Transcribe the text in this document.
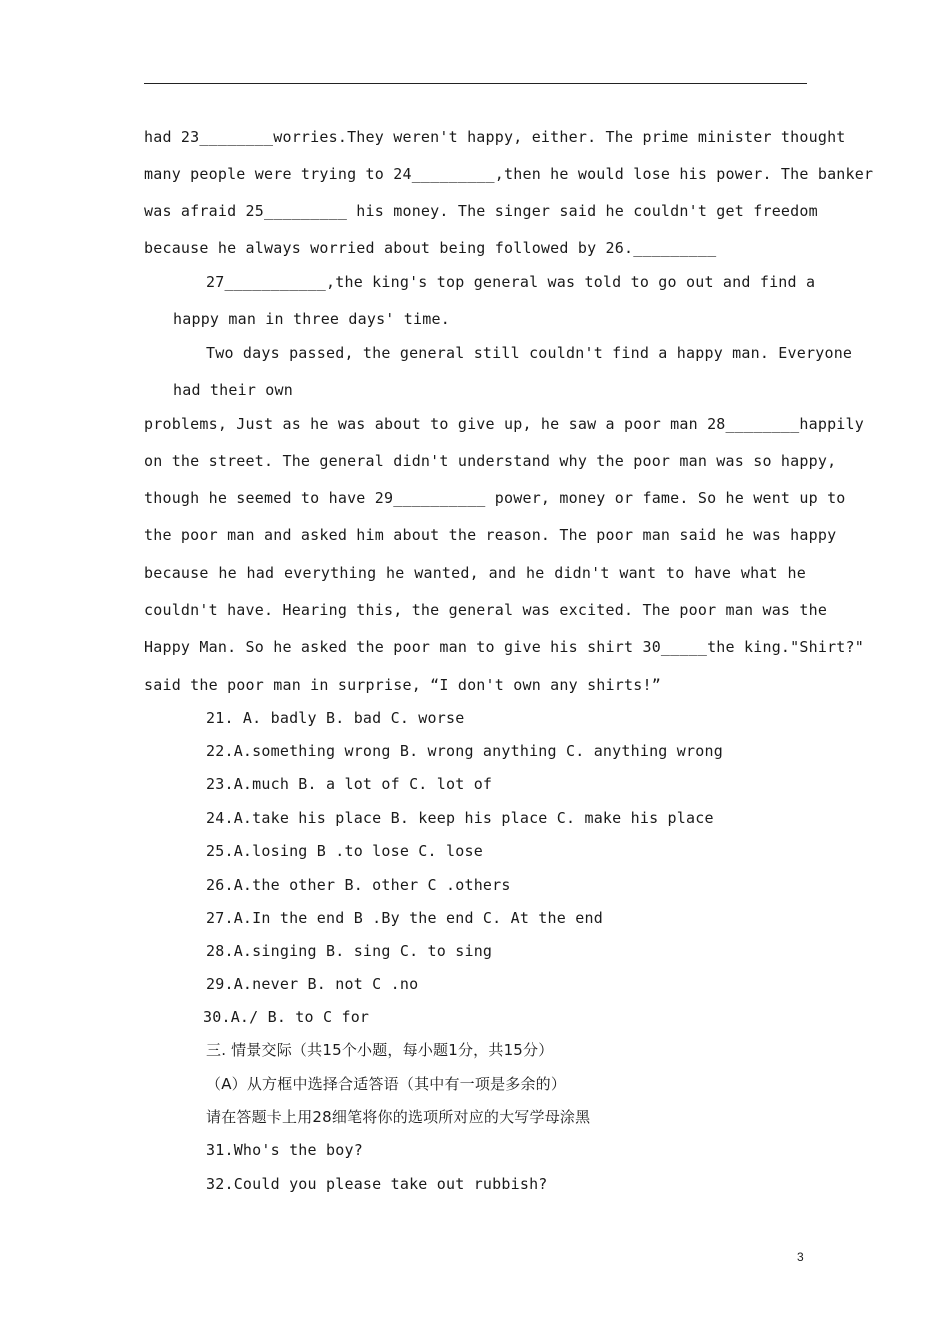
had 23________worries.They weren't happy, either. The prime minister thought
many people were trying to 24_________,then he would lose his power. The banker
was afraid 25_________ his money. The singer said he couldn't get freedom
because he always worried about being followed by 26._________
27___________,the king's top general was told to go out and find a
happy man in three days' time.
Two days passed, the general still couldn't find a happy man. Everyone
had their own
problems, Just as he was about to give up, he saw a poor man 28________happily
on the street. The general didn't understand why the poor man was so happy,
though he seemed to have 29__________ power, money or fame. So he went up to
the poor man and asked him about the reason. The poor man said he was happy
because he had everything he wanted, and he didn't want to have what he
couldn't have. Hearing this, the general was excited. The poor man was the
Happy Man. So he asked the poor man to give his shirt 30_____the king."Shirt?"
said the poor man in surprise, “I don't own any shirts!”
21. A. badly B. bad C. worse
22.A.something wrong B. wrong anything C. anything wrong
23.A.much B. a lot of C. lot of
24.A.take his place B. keep his place C. make his place
25.A.losing B .to lose C. lose
26.A.the other B. other C .others
27.A.In the end B .By the end C. At the end
28.A.singing B. sing C. to sing
29.A.never B. not C .no
30.A./ B. to C for
三. 情景交际（共15个小题，每小题1分，共15分）
（A）从方框中选择合适答语（其中有一项是多余的）
请在答题卡上用28细笔将你的选项所对应的大写学母涂黑
31.Who's the boy?
32.Could you please take out rubbish?
3
